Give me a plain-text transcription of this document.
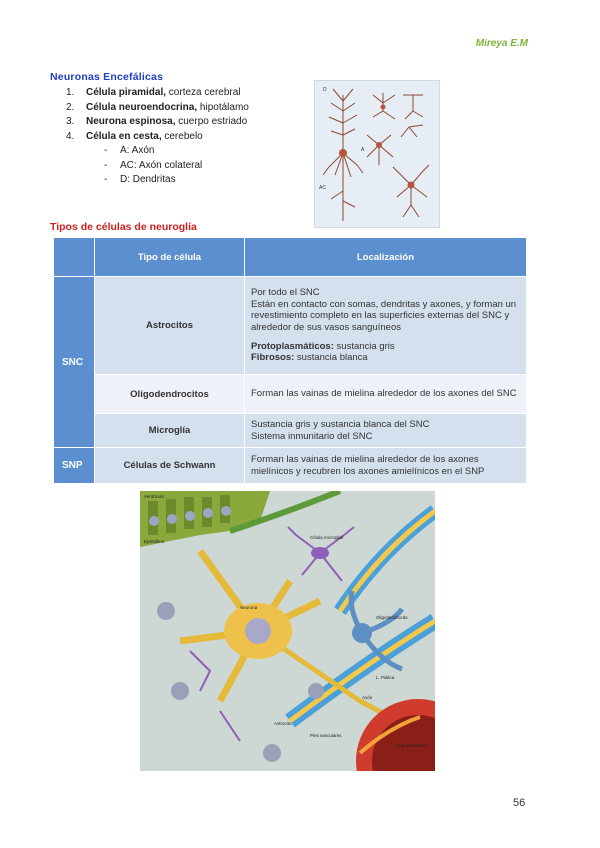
Mireya E.M
Neuronas Encefálicas
1. Célula piramidal, corteza cerebral
2. Célula neuroendocrina, hipotálamo
3. Neurona espinosa, cuerpo estriado
4. Célula en cesta, cerebelo
- A: Axón
- AC: Axón colateral
- D: Dendritas
D
A
AC
Tipos de células de neuroglía
	Tipo de célula	Localización
SNC	Astrocitos	Por todo el SNC
Están en contacto con somas, dendritas y axones, y forman un revestimiento completo en las superficies externas del SNC y alrededor de sus vasos sanguíneos
Protoplasmáticos: sustancia gris
Fibrosos: sustancia blanca

	Oligodendrocitos	Forman las vainas de mielina alrededor de los axones del SNC
	Microglía	Sustancia gris y sustancia blanca del SNC
Sistema inmunitario del SNC

SNP	Células de Schwann	Forman las vainas de mielina alrededor de los axones mielínicos y recubren los axones amielínicos en el SNP
Ventrículo
Epéndimo
Célula microglial
Neurona
Oligodendrocito
L. Piálica
Axón
Astrocito
Pies vasculares
Arteria cerebral
56
